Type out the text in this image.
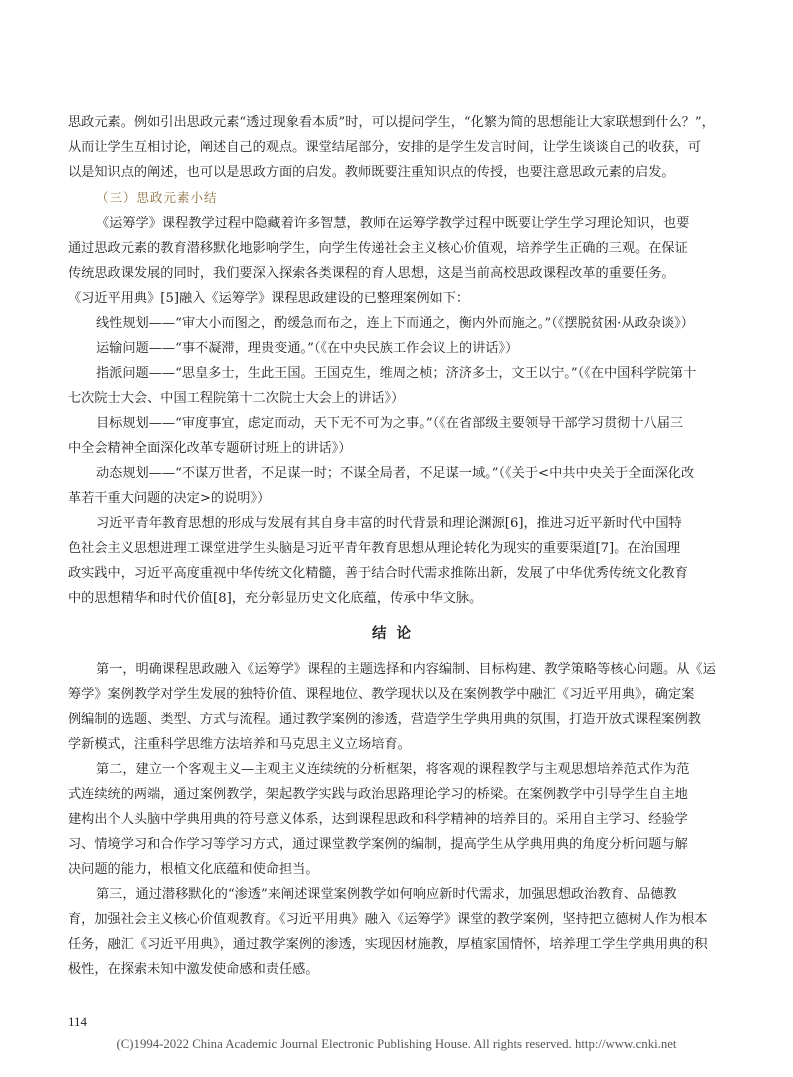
思政元素。例如引出思政元素“透过现象看本质”时，可以提问学生，“化繁为简的思想能让大家联想到什么？”，
从而让学生互相讨论，阐述自己的观点。课堂结尾部分，安排的是学生发言时间，让学生谈谈自己的收获，可
以是知识点的阐述，也可以是思政方面的启发。教师既要注重知识点的传授，也要注意思政元素的启发。
（三）思政元素小结
《运筹学》课程教学过程中隐藏着许多智慧，教师在运筹学教学过程中既要让学生学习理论知识，也要
通过思政元素的教育潜移默化地影响学生，向学生传递社会主义核心价值观，培养学生正确的三观。在保证
传统思政课发展的同时，我们要深入探索各类课程的育人思想，这是当前高校思政课程改革的重要任务。
《习近平用典》[5]融入《运筹学》课程思政建设的已整理案例如下：
线性规划——“审大小而图之，酌缓急而布之，连上下而通之，衡内外而施之。”（《摆脱贫困·从政杂谈》）
运输问题——“事不凝滞，理贵变通。”（《在中央民族工作会议上的讲话》）
指派问题——“思皇多士，生此王国。王国克生，维周之桢；济济多士，文王以宁。”（《在中国科学院第十
七次院士大会、中国工程院第十二次院士大会上的讲话》）
目标规划——“审度事宜，虑定而动，天下无不可为之事。”（《在省部级主要领导干部学习贯彻十八届三
中全会精神全面深化改革专题研讨班上的讲话》）
动态规划——“不谋万世者，不足谋一时；不谋全局者，不足谋一域。”（《关于<中共中央关于全面深化改
革若干重大问题的决定>的说明》）
习近平青年教育思想的形成与发展有其自身丰富的时代背景和理论渊源[6]，推进习近平新时代中国特
色社会主义思想进理工课堂进学生头脑是习近平青年教育思想从理论转化为现实的重要渠道[7]。在治国理
政实践中，习近平高度重视中华传统文化精髓，善于结合时代需求推陈出新，发展了中华优秀传统文化教育
中的思想精华和时代价值[8]，充分彰显历史文化底蕴，传承中华文脉。
结论
第一，明确课程思政融入《运筹学》课程的主题选择和内容编制、目标构建、教学策略等核心问题。从《运
筹学》案例教学对学生发展的独特价值、课程地位、教学现状以及在案例教学中融汇《习近平用典》，确定案
例编制的选题、类型、方式与流程。通过教学案例的渗透，营造学生学典用典的氛围，打造开放式课程案例教
学新模式，注重科学思维方法培养和马克思主义立场培育。
第二，建立一个客观主义—主观主义连续统的分析框架，将客观的课程教学与主观思想培养范式作为范
式连续统的两端，通过案例教学，架起教学实践与政治思路理论学习的桥梁。在案例教学中引导学生自主地
建构出个人头脑中学典用典的符号意义体系，达到课程思政和科学精神的培养目的。采用自主学习、经验学
习、情境学习和合作学习等学习方式，通过课堂教学案例的编制，提高学生从学典用典的角度分析问题与解
决问题的能力，根植文化底蕴和使命担当。
第三，通过潜移默化的“渗透”来阐述课堂案例教学如何响应新时代需求，加强思想政治教育、品德教
育，加强社会主义核心价值观教育。《习近平用典》融入《运筹学》课堂的教学案例，坚持把立德树人作为根本
任务，融汇《习近平用典》，通过教学案例的渗透，实现因材施教，厚植家国情怀，培养理工学生学典用典的积
114
(C)1994-2022 China Academic Journal Electronic Publishing House. All rights reserved. http://www.cnki.net
极性，在探索未知中激发使命感和责任感。
